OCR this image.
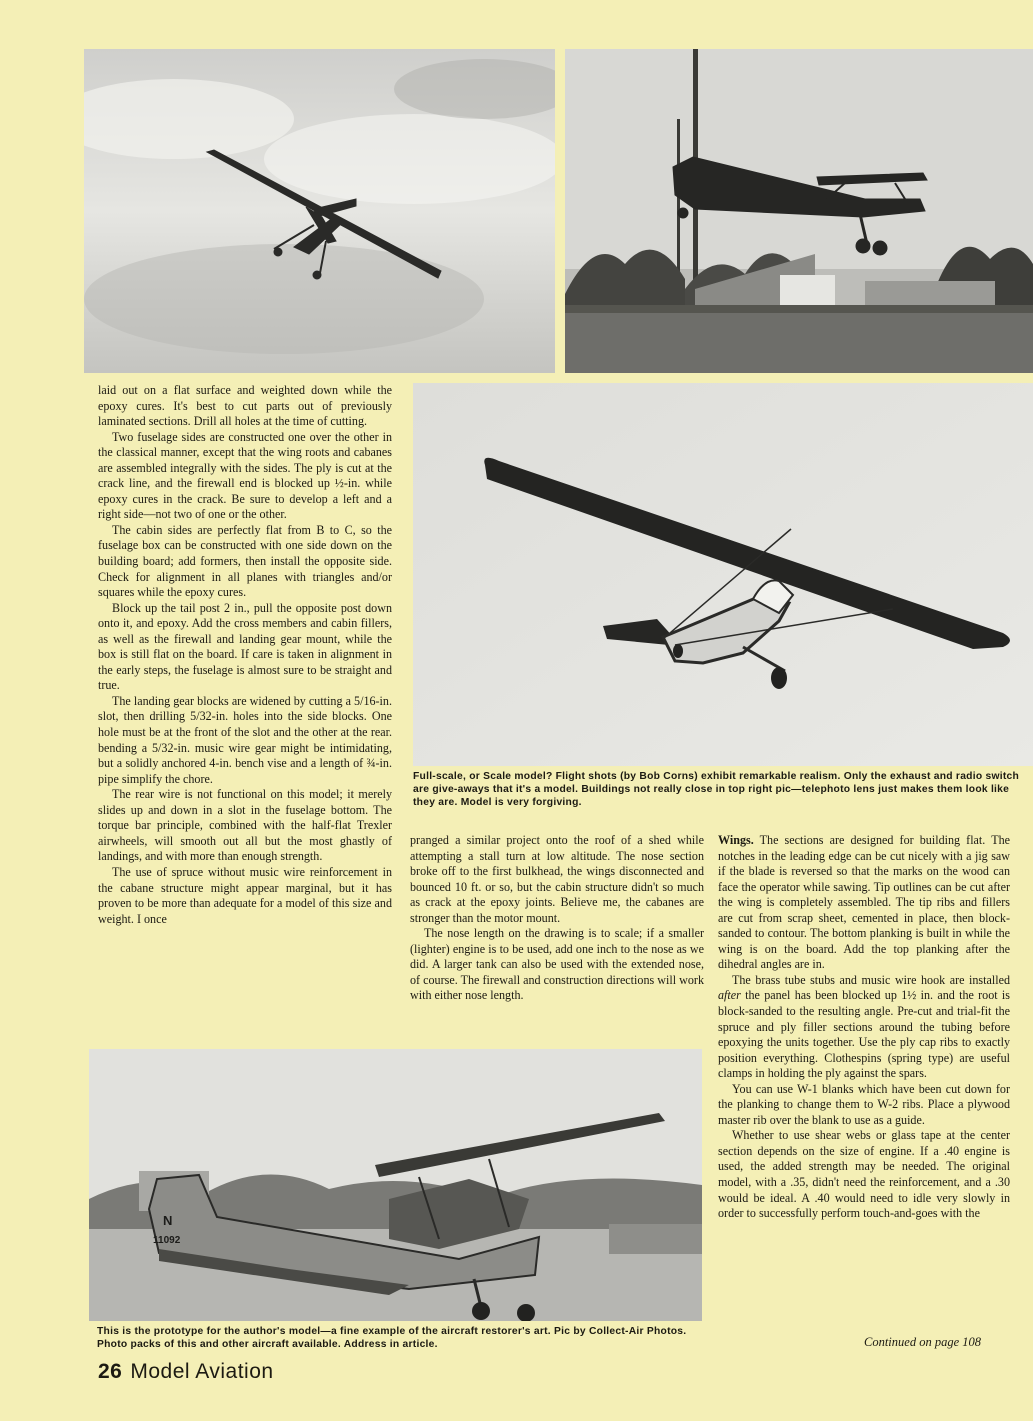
N
11092

laid out on a flat surface and weighted down while the epoxy cures. It's best to cut parts out of previously laminated sections. Drill all holes at the time of cutting.

Two fuselage sides are constructed one over the other in the classical manner, except that the wing roots and cabanes are assembled integrally with the sides. The ply is cut at the crack line, and the firewall end is blocked up ½-in. while epoxy cures in the crack. Be sure to develop a left and a right side—not two of one or the other.

The cabin sides are perfectly flat from B to C, so the fuselage box can be constructed with one side down on the building board; add formers, then install the opposite side. Check for alignment in all planes with triangles and/or squares while the epoxy cures.

Block up the tail post 2 in., pull the opposite post down onto it, and epoxy. Add the cross members and cabin fillers, as well as the firewall and landing gear mount, while the box is still flat on the board. If care is taken in alignment in the early steps, the fuselage is almost sure to be straight and true.

The landing gear blocks are widened by cutting a 5/16-in. slot, then drilling 5/32-in. holes into the side blocks. One hole must be at the front of the slot and the other at the rear. bending a 5/32-in. music wire gear might be intimidating, but a solidly anchored 4-in. bench vise and a length of ¾-in. pipe simplify the chore.

The rear wire is not functional on this model; it merely slides up and down in a slot in the fuselage bottom. The torque bar principle, combined with the half-flat Trexler airwheels, will smooth out all but the most ghastly of landings, and with more than enough strength.

The use of spruce without music wire reinforcement in the cabane structure might appear marginal, but it has proven to be more than adequate for a model of this size and weight. I once

Full-scale, or Scale model? Flight shots (by Bob Corns) exhibit remarkable realism. Only the exhaust and radio switch are give-aways that it's a model. Buildings not really close in top right pic—telephoto lens just makes them look like they are. Model is very forgiving.

pranged a similar project onto the roof of a shed while attempting a stall turn at low altitude. The nose section broke off to the first bulkhead, the wings disconnected and bounced 10 ft. or so, but the cabin structure didn't so much as crack at the epoxy joints. Believe me, the cabanes are stronger than the motor mount.

The nose length on the drawing is to scale; if a smaller (lighter) engine is to be used, add one inch to the nose as we did. A larger tank can also be used with the extended nose, of course. The firewall and construction directions will work with either nose length.

Wings. The sections are designed for building flat. The notches in the leading edge can be cut nicely with a jig saw if the blade is reversed so that the marks on the wood can face the operator while sawing. Tip outlines can be cut after the wing is completely assembled. The tip ribs and fillers are cut from scrap sheet, cemented in place, then block-sanded to contour. The bottom planking is built in while the wing is on the board. Add the top planking after the dihedral angles are in.

The brass tube stubs and music wire hook are installed after the panel has been blocked up 1½ in. and the root is block-sanded to the resulting angle. Pre-cut and trial-fit the spruce and ply filler sections around the tubing before epoxying the units together. Use the ply cap ribs to exactly position everything. Clothespins (spring type) are useful clamps in holding the ply against the spars.

You can use W-1 blanks which have been cut down for the planking to change them to W-2 ribs. Place a plywood master rib over the blank to use as a guide.

Whether to use shear webs or glass tape at the center section depends on the size of engine. If a .40 engine is used, the added strength may be needed. The original model, with a .35, didn't need the reinforcement, and a .30 would be ideal. A .40 would need to idle very slowly in order to successfully perform touch-and-goes with the

Continued on page 108
This is the prototype for the author's model—a fine example of the aircraft restorer's art. Pic by Collect-Air Photos. Photo packs of this and other aircraft available. Address in article.
26 Model Aviation
